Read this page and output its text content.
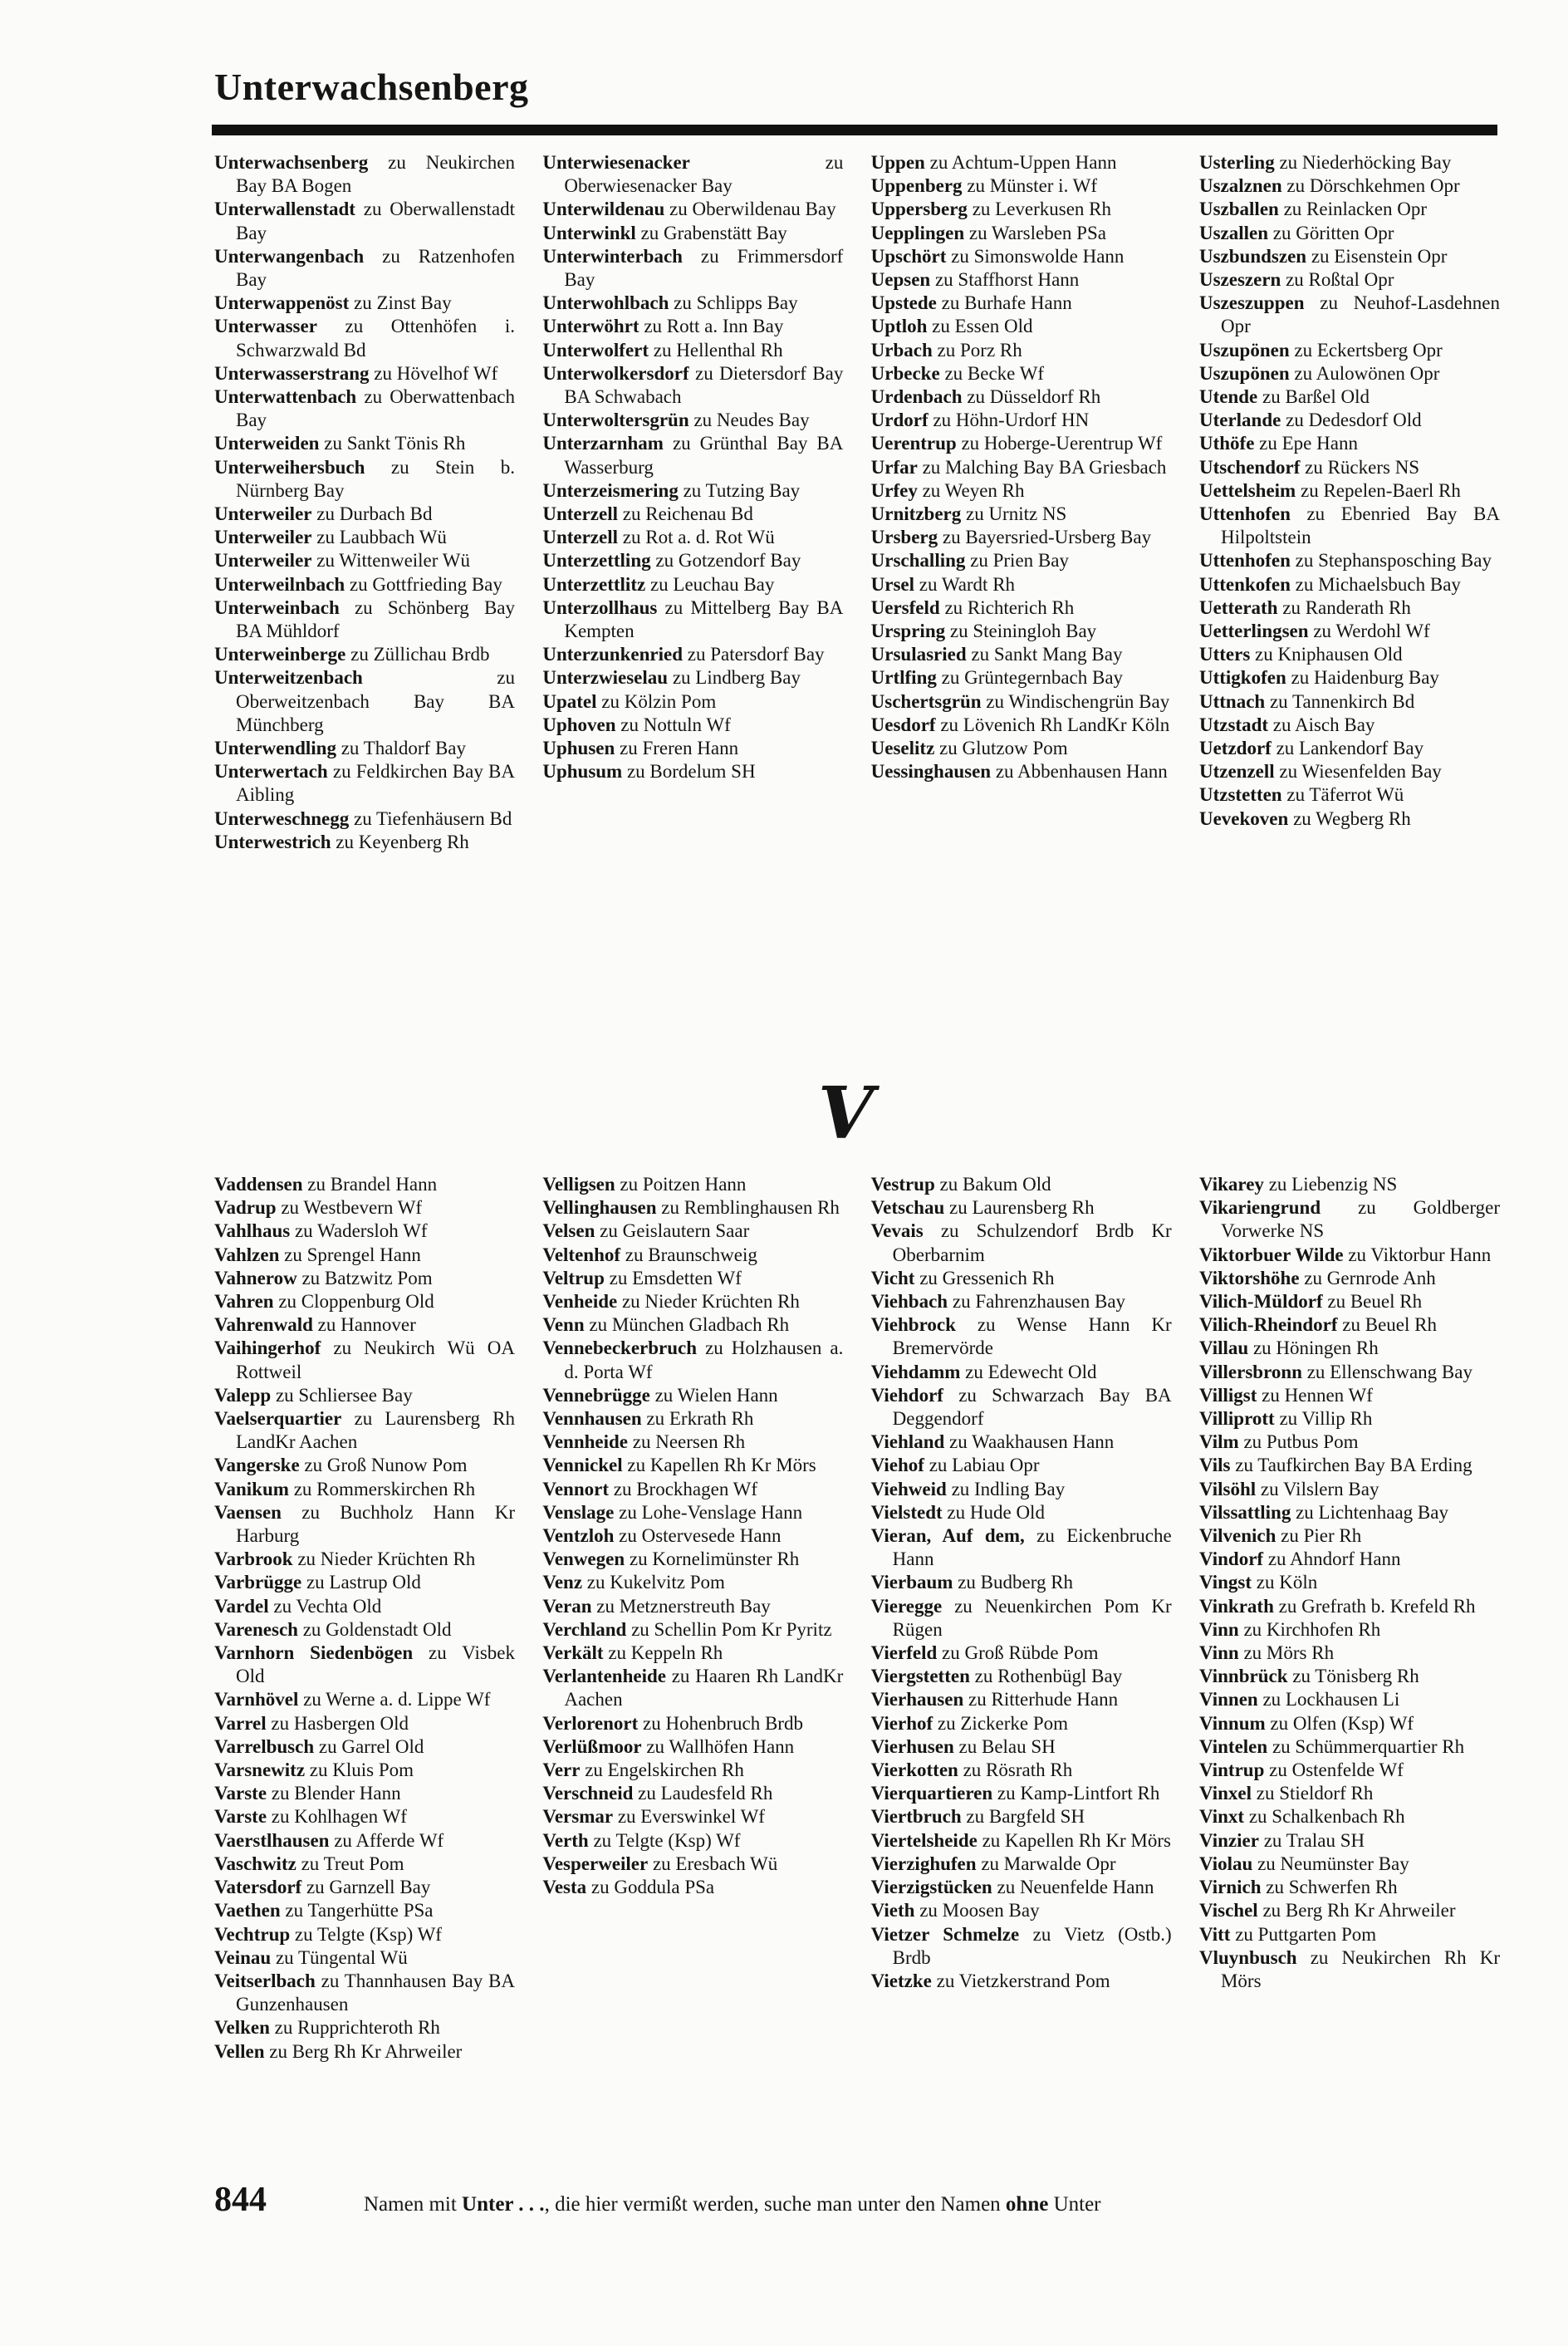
Unterwachsenberg
Unterwachsenberg zu Neukirchen Bay BA Bogen
Unterwallenstadt zu Oberwallenstadt Bay
Unterwangenbach zu Ratzenhofen Bay
Unterwappenöst zu Zinst Bay
Unterwasser zu Ottenhöfen i. Schwarzwald Bd
Unterwasserstrang zu Hövelhof Wf
Unterwattenbach zu Oberwattenbach Bay
Unterweiden zu Sankt Tönis Rh
Unterweihersbuch zu Stein b. Nürnberg Bay
Unterweiler zu Durbach Bd
Unterweiler zu Laubbach Wü
Unterweiler zu Wittenweiler Wü
Unterweilnbach zu Gottfrieding Bay
Unterweinbach zu Schönberg Bay BA Mühldorf
Unterweinberge zu Züllichau Brdb
Unterweitzenbach	zu Oberweitzenbach Bay BA Münchberg
Unterwendling zu Thaldorf Bay
Unterwertach zu Feldkirchen Bay BA Aibling
Unterweschnegg zu Tiefenhäusern Bd
Unterwestrich zu Keyenberg Rh
Unterwiesenacker	zu Oberwiesenacker Bay
Unterwildenau zu Oberwildenau Bay
Unterwinkl zu Grabenstätt Bay
Unterwinterbach zu Frimmersdorf Bay
Unterwohlbach zu Schlipps Bay
Unterwöhrt zu Rott a. Inn Bay
Unterwolfert zu Hellenthal Rh
Unterwolkersdorf zu Dietersdorf Bay BA Schwabach
Unterwoltersgrün zu Neudes Bay
Unterzarnham zu Grünthal Bay BA Wasserburg
Unterzeismering zu Tutzing Bay
Unterzell zu Reichenau Bd
Unterzell zu Rot a. d. Rot Wü
Unterzettling zu Gotzendorf Bay
Unterzettlitz zu Leuchau Bay
Unterzollhaus zu Mittelberg Bay BA Kempten
Unterzunkenried zu Patersdorf Bay
Unterzwieselau zu Lindberg Bay
Upatel zu Kölzin Pom
Uphoven zu Nottuln Wf
Uphusen zu Freren Hann
Uphusum zu Bordelum SH
Uppen zu Achtum-Uppen Hann
Uppenberg zu Münster i. Wf
Uppersberg zu Leverkusen Rh
Uepplingen zu Warsleben PSa
Upschört zu Simonswolde Hann
Uepsen zu Staffhorst Hann
Upstede zu Burhafe Hann
Uptloh zu Essen Old
Urbach zu Porz Rh
Urbecke zu Becke Wf
Urdenbach zu Düsseldorf Rh
Urdorf zu Höhn-Urdorf HN
Uerentrup zu Hoberge-Uerentrup Wf
Urfar zu Malching Bay BA Griesbach
Urfey zu Weyen Rh
Urnitzberg zu Urnitz NS
Ursberg zu Bayersried-Ursberg Bay
Urschalling zu Prien Bay
Ursel zu Wardt Rh
Uersfeld zu Richterich Rh
Urspring zu Steiningloh Bay
Ursulasried zu Sankt Mang Bay
Urtlfing zu Grüntegernbach Bay
Uschertsgrün zu Windischengrün Bay
Uesdorf zu Lövenich Rh LandKr Köln
Ueselitz zu Glutzow Pom
Uessinghausen zu Abbenhausen Hann
Usterling zu Niederhöcking Bay
Uszalznen zu Dörschkehmen Opr
Uszballen zu Reinlacken Opr
Uszallen zu Göritten Opr
Uszbundszen zu Eisenstein Opr
Uszeszern zu Roßtal Opr
Uszeszuppen zu Neuhof-Lasdehnen Opr
Uszupönen zu Eckertsberg Opr
Uszupönen zu Aulowönen Opr
Utende zu Barßel Old
Uterlande zu Dedesdorf Old
Uthöfe zu Epe Hann
Utschendorf zu Rückers NS
Uettelsheim zu Repelen-Baerl Rh
Uttenhofen zu Ebenried Bay BA Hilpoltstein
Uttenhofen zu Stephansposching Bay
Uttenkofen zu Michaelsbuch Bay
Uetterath zu Randerath Rh
Uetterlingsen zu Werdohl Wf
Utters zu Kniphausen Old
Uttigkofen zu Haidenburg Bay
Uttnach zu Tannenkirch Bd
Utzstadt zu Aisch Bay
Uetzdorf zu Lankendorf Bay
Utzenzell zu Wiesenfelden Bay
Utzstetten zu Täferrot Wü
Uevekoven zu Wegberg Rh
V
Vaddensen zu Brandel Hann
Vadrup zu Westbevern Wf
Vahlhaus zu Wadersloh Wf
Vahlzen zu Sprengel Hann
Vahnerow zu Batzwitz Pom
Vahren zu Cloppenburg Old
Vahrenwald zu Hannover
Vaihingerhof zu Neukirch Wü OA Rottweil
Valepp zu Schliersee Bay
Vaelserquartier zu Laurensberg Rh LandKr Aachen
Vangerske zu Groß Nunow Pom
Vanikum zu Rommerskirchen Rh
Vaensen zu Buchholz Hann Kr Harburg
Varbrook zu Nieder Krüchten Rh
Varbrügge zu Lastrup Old
Vardel zu Vechta Old
Varenesch zu Goldenstadt Old
Varnhorn Siedenbögen zu Visbek Old
Varnhövel zu Werne a. d. Lippe Wf
Varrel zu Hasbergen Old
Varrelbusch zu Garrel Old
Varsnewitz zu Kluis Pom
Varste zu Blender Hann
Varste zu Kohlhagen Wf
Vaerstlhausen zu Afferde Wf
Vaschwitz zu Treut Pom
Vatersdorf zu Garnzell Bay
Vaethen zu Tangerhütte PSa
Vechtrup zu Telgte (Ksp) Wf
Veinau zu Tüngental Wü
Veitserlbach zu Thannhausen Bay BA Gunzenhausen
Velken zu Rupprichteroth Rh
Vellen zu Berg Rh Kr Ahrweiler
Velligsen zu Poitzen Hann
Vellinghausen zu Remblinghausen Rh
Velsen zu Geislautern Saar
Veltenhof zu Braunschweig
Veltrup zu Emsdetten Wf
Venheide zu Nieder Krüchten Rh
Venn zu München Gladbach Rh
Vennebeckerbruch zu Holzhausen a. d. Porta Wf
Vennebrügge zu Wielen Hann
Vennhausen zu Erkrath Rh
Vennheide zu Neersen Rh
Vennickel zu Kapellen Rh Kr Mörs
Vennort zu Brockhagen Wf
Venslage zu Lohe-Venslage Hann
Ventzloh zu Ostervesede Hann
Venwegen zu Kornelimünster Rh
Venz zu Kukelvitz Pom
Veran zu Metznerstreuth Bay
Verchland zu Schellin Pom Kr Pyritz
Verkält zu Keppeln Rh
Verlantenheide zu Haaren Rh LandKr Aachen
Verlorenort zu Hohenbruch Brdb
Verlüßmoor zu Wallhöfen Hann
Verr zu Engelskirchen Rh
Verschneid zu Laudesfeld Rh
Versmar zu Everswinkel Wf
Verth zu Telgte (Ksp) Wf
Vesperweiler zu Eresbach Wü
Vesta zu Goddula PSa
Vestrup zu Bakum Old
Vetschau zu Laurensberg Rh
Vevais zu Schulzendorf Brdb Kr Oberbarnim
Vicht zu Gressenich Rh
Viehbach zu Fahrenzhausen Bay
Viehbrock zu Wense Hann Kr Bremervörde
Viehdamm zu Edewecht Old
Viehdorf zu Schwarzach Bay BA Deggendorf
Viehland zu Waakhausen Hann
Viehof zu Labiau Opr
Viehweid zu Indling Bay
Vielstedt zu Hude Old
Vieran, Auf dem, zu Eickenbruche Hann
Vierbaum zu Budberg Rh
Vieregge zu Neuenkirchen Pom Kr Rügen
Vierfeld zu Groß Rübde Pom
Viergstetten zu Rothenbügl Bay
Vierhausen zu Ritterhude Hann
Vierhof zu Zickerke Pom
Vierhusen zu Belau SH
Vierkotten zu Rösrath Rh
Vierquartieren zu Kamp-Lintfort Rh
Viertbruch zu Bargfeld SH
Viertelsheide zu Kapellen Rh Kr Mörs
Vierzighufen zu Marwalde Opr
Vierzigstücken zu Neuenfelde Hann
Vieth zu Moosen Bay
Vietzer Schmelze zu Vietz (Ostb.) Brdb
Vietzke zu Vietzkerstrand Pom
Vikarey zu Liebenzig NS
Vikariengrund zu Goldberger Vorwerke NS
Viktorbuer Wilde zu Viktorbur Hann
Viktorshöhe zu Gernrode Anh
Vilich-Müldorf zu Beuel Rh
Vilich-Rheindorf zu Beuel Rh
Villau zu Höningen Rh
Villersbronn zu Ellenschwang Bay
Villigst zu Hennen Wf
Villiprott zu Villip Rh
Vilm zu Putbus Pom
Vils zu Taufkirchen Bay BA Erding
Vilsöhl zu Vilslern Bay
Vilssattling zu Lichtenhaag Bay
Vilvenich zu Pier Rh
Vindorf zu Ahndorf Hann
Vingst zu Köln
Vinkrath zu Grefrath b. Krefeld Rh
Vinn zu Kirchhofen Rh
Vinn zu Mörs Rh
Vinnbrück zu Tönisberg Rh
Vinnen zu Lockhausen Li
Vinnum zu Olfen (Ksp) Wf
Vintelen zu Schümmerquartier Rh
Vintrup zu Ostenfelde Wf
Vinxel zu Stieldorf Rh
Vinxt zu Schalkenbach Rh
Vinzier zu Tralau SH
Violau zu Neumünster Bay
Virnich zu Schwerfen Rh
Vischel zu Berg Rh Kr Ahrweiler
Vitt zu Puttgarten Pom
Vluynbusch zu Neukirchen Rh Kr Mörs
844	Namen mit Unter . . ., die hier vermißt werden, suche man unter den Namen ohne Unter
